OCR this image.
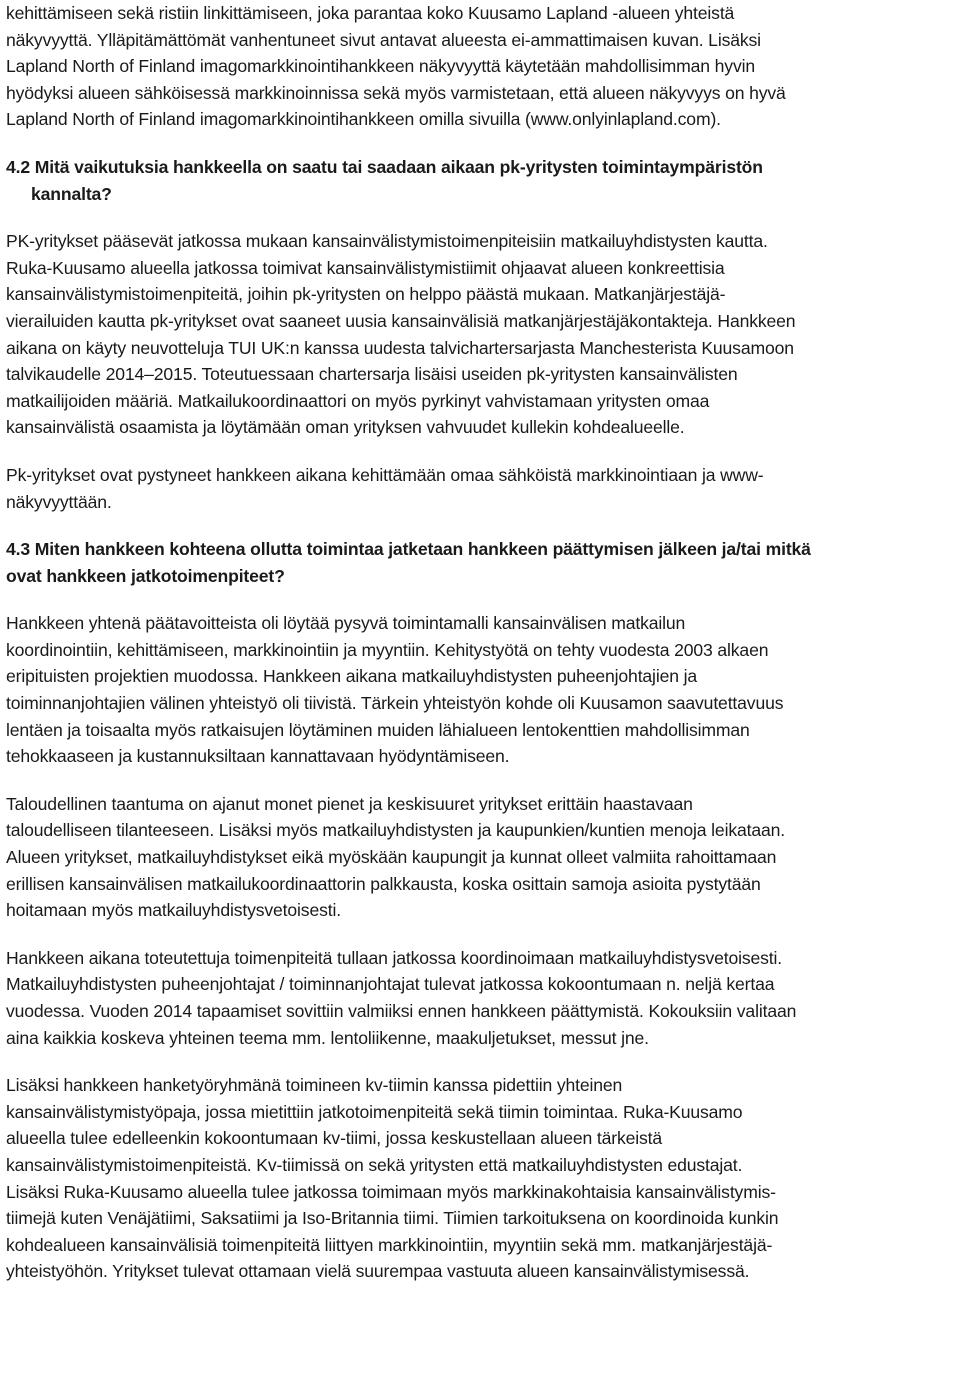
kehittämiseen sekä ristiin linkittämiseen, joka parantaa koko Kuusamo Lapland -alueen yhteistä
näkyvyyttä. Ylläpitämättömät vanhentuneet sivut antavat alueesta ei-ammattimaisen kuvan. Lisäksi
Lapland North of Finland imagomarkkinointihankkeen näkyvyyttä käytetään mahdollisimman hyvin
hyödyksi alueen sähköisessä markkinoinnissa sekä myös varmistetaan, että alueen näkyvyys on hyvä
Lapland North of Finland imagomarkkinointihankkeen omilla sivuilla (www.onlyinlapland.com).
4.2 Mitä vaikutuksia hankkeella on saatu tai saadaan aikaan pk-yritysten toimintaympäristön
kannalta?
PK-yritykset pääsevät jatkossa mukaan kansainvälistymistoimenpiteisiin matkailuyhdistysten kautta.
Ruka-Kuusamo alueella jatkossa toimivat kansainvälistymistiimit ohjaavat alueen konkreettisia
kansainvälistymistoimenpiteitä, joihin pk-yritysten on helppo päästä mukaan. Matkanjärjestäjä-
vierailuiden kautta pk-yritykset ovat saaneet uusia kansainvälisiä matkanjärjestäjäkontakteja. Hankkeen
aikana on käyty neuvotteluja TUI UK:n kanssa uudesta talvichartersarjasta Manchesterista Kuusamoon
talvikaudelle 2014–2015. Toteutuessaan chartersarja lisäisi useiden pk-yritysten kansainvälisten
matkailijoiden määriä. Matkailukoordinaattori on myös pyrkinyt vahvistamaan yritysten omaa
kansainvälistä osaamista ja löytämään oman yrityksen vahvuudet kullekin kohdealueelle.
Pk-yritykset ovat pystyneet hankkeen aikana kehittämään omaa sähköistä markkinointiaan ja www-
näkyvyyttään.
4.3 Miten hankkeen kohteena ollutta toimintaa jatketaan hankkeen päättymisen jälkeen ja/tai mitkä
ovat hankkeen jatkotoimenpiteet?
Hankkeen yhtenä päätavoitteista oli löytää pysyvä toimintamalli kansainvälisen matkailun
koordinointiin, kehittämiseen, markkinointiin ja myyntiin. Kehitystyötä on tehty vuodesta 2003 alkaen
eripituisten projektien muodossa. Hankkeen aikana matkailuyhdistysten puheenjohtajien ja
toiminnanjohtajien välinen yhteistyö oli tiivistä. Tärkein yhteistyön kohde oli Kuusamon saavutettavuus
lentäen ja toisaalta myös ratkaisujen löytäminen muiden lähialueen lentokenttien mahdollisimman
tehokkaaseen ja kustannuksiltaan kannattavaan hyödyntämiseen.
Taloudellinen taantuma on ajanut monet pienet ja keskisuuret yritykset erittäin haastavaan
taloudelliseen tilanteeseen. Lisäksi myös matkailuyhdistysten ja kaupunkien/kuntien menoja leikataan.
Alueen yritykset, matkailuyhdistykset eikä myöskään kaupungit ja kunnat olleet valmiita rahoittamaan
erillisen kansainvälisen matkailukoordinaattorin palkkausta, koska osittain samoja asioita pystytään
hoitamaan myös matkailuyhdistysvetoisesti.
Hankkeen aikana toteutettuja toimenpiteitä tullaan jatkossa koordinoimaan matkailuyhdistysvetoisesti.
Matkailuyhdistysten puheenjohtajat / toiminnanjohtajat tulevat jatkossa kokoontumaan n. neljä kertaa
vuodessa. Vuoden 2014 tapaamiset sovittiin valmiiksi ennen hankkeen päättymistä. Kokouksiin valitaan
aina kaikkia koskeva yhteinen teema mm. lentoliikenne, maakuljetukset, messut jne.
Lisäksi hankkeen hanketyöryhmänä toimineen kv-tiimin kanssa pidettiin yhteinen
kansainvälistymistyöpaja, jossa mietittiin jatkotoimenpiteitä sekä tiimin toimintaa. Ruka-Kuusamo
alueella tulee edelleenkin kokoontumaan kv-tiimi, jossa keskustellaan alueen tärkeistä
kansainvälistymistoimenpiteistä. Kv-tiimissä on sekä yritysten että matkailuyhdistysten edustajat.
Lisäksi Ruka-Kuusamo alueella tulee jatkossa toimimaan myös markkinakohtaisia kansainvälistymis-
tiimejä kuten Venäjätiimi, Saksatiimi ja Iso-Britannia tiimi. Tiimien tarkoituksena on koordinoida kunkin
kohdealueen kansainvälisiä toimenpiteitä liittyen markkinointiin, myyntiin sekä mm. matkanjärjestäjä-
yhteistyöhön. Yritykset tulevat ottamaan vielä suurempaa vastuuta alueen kansainvälistymisessä.
